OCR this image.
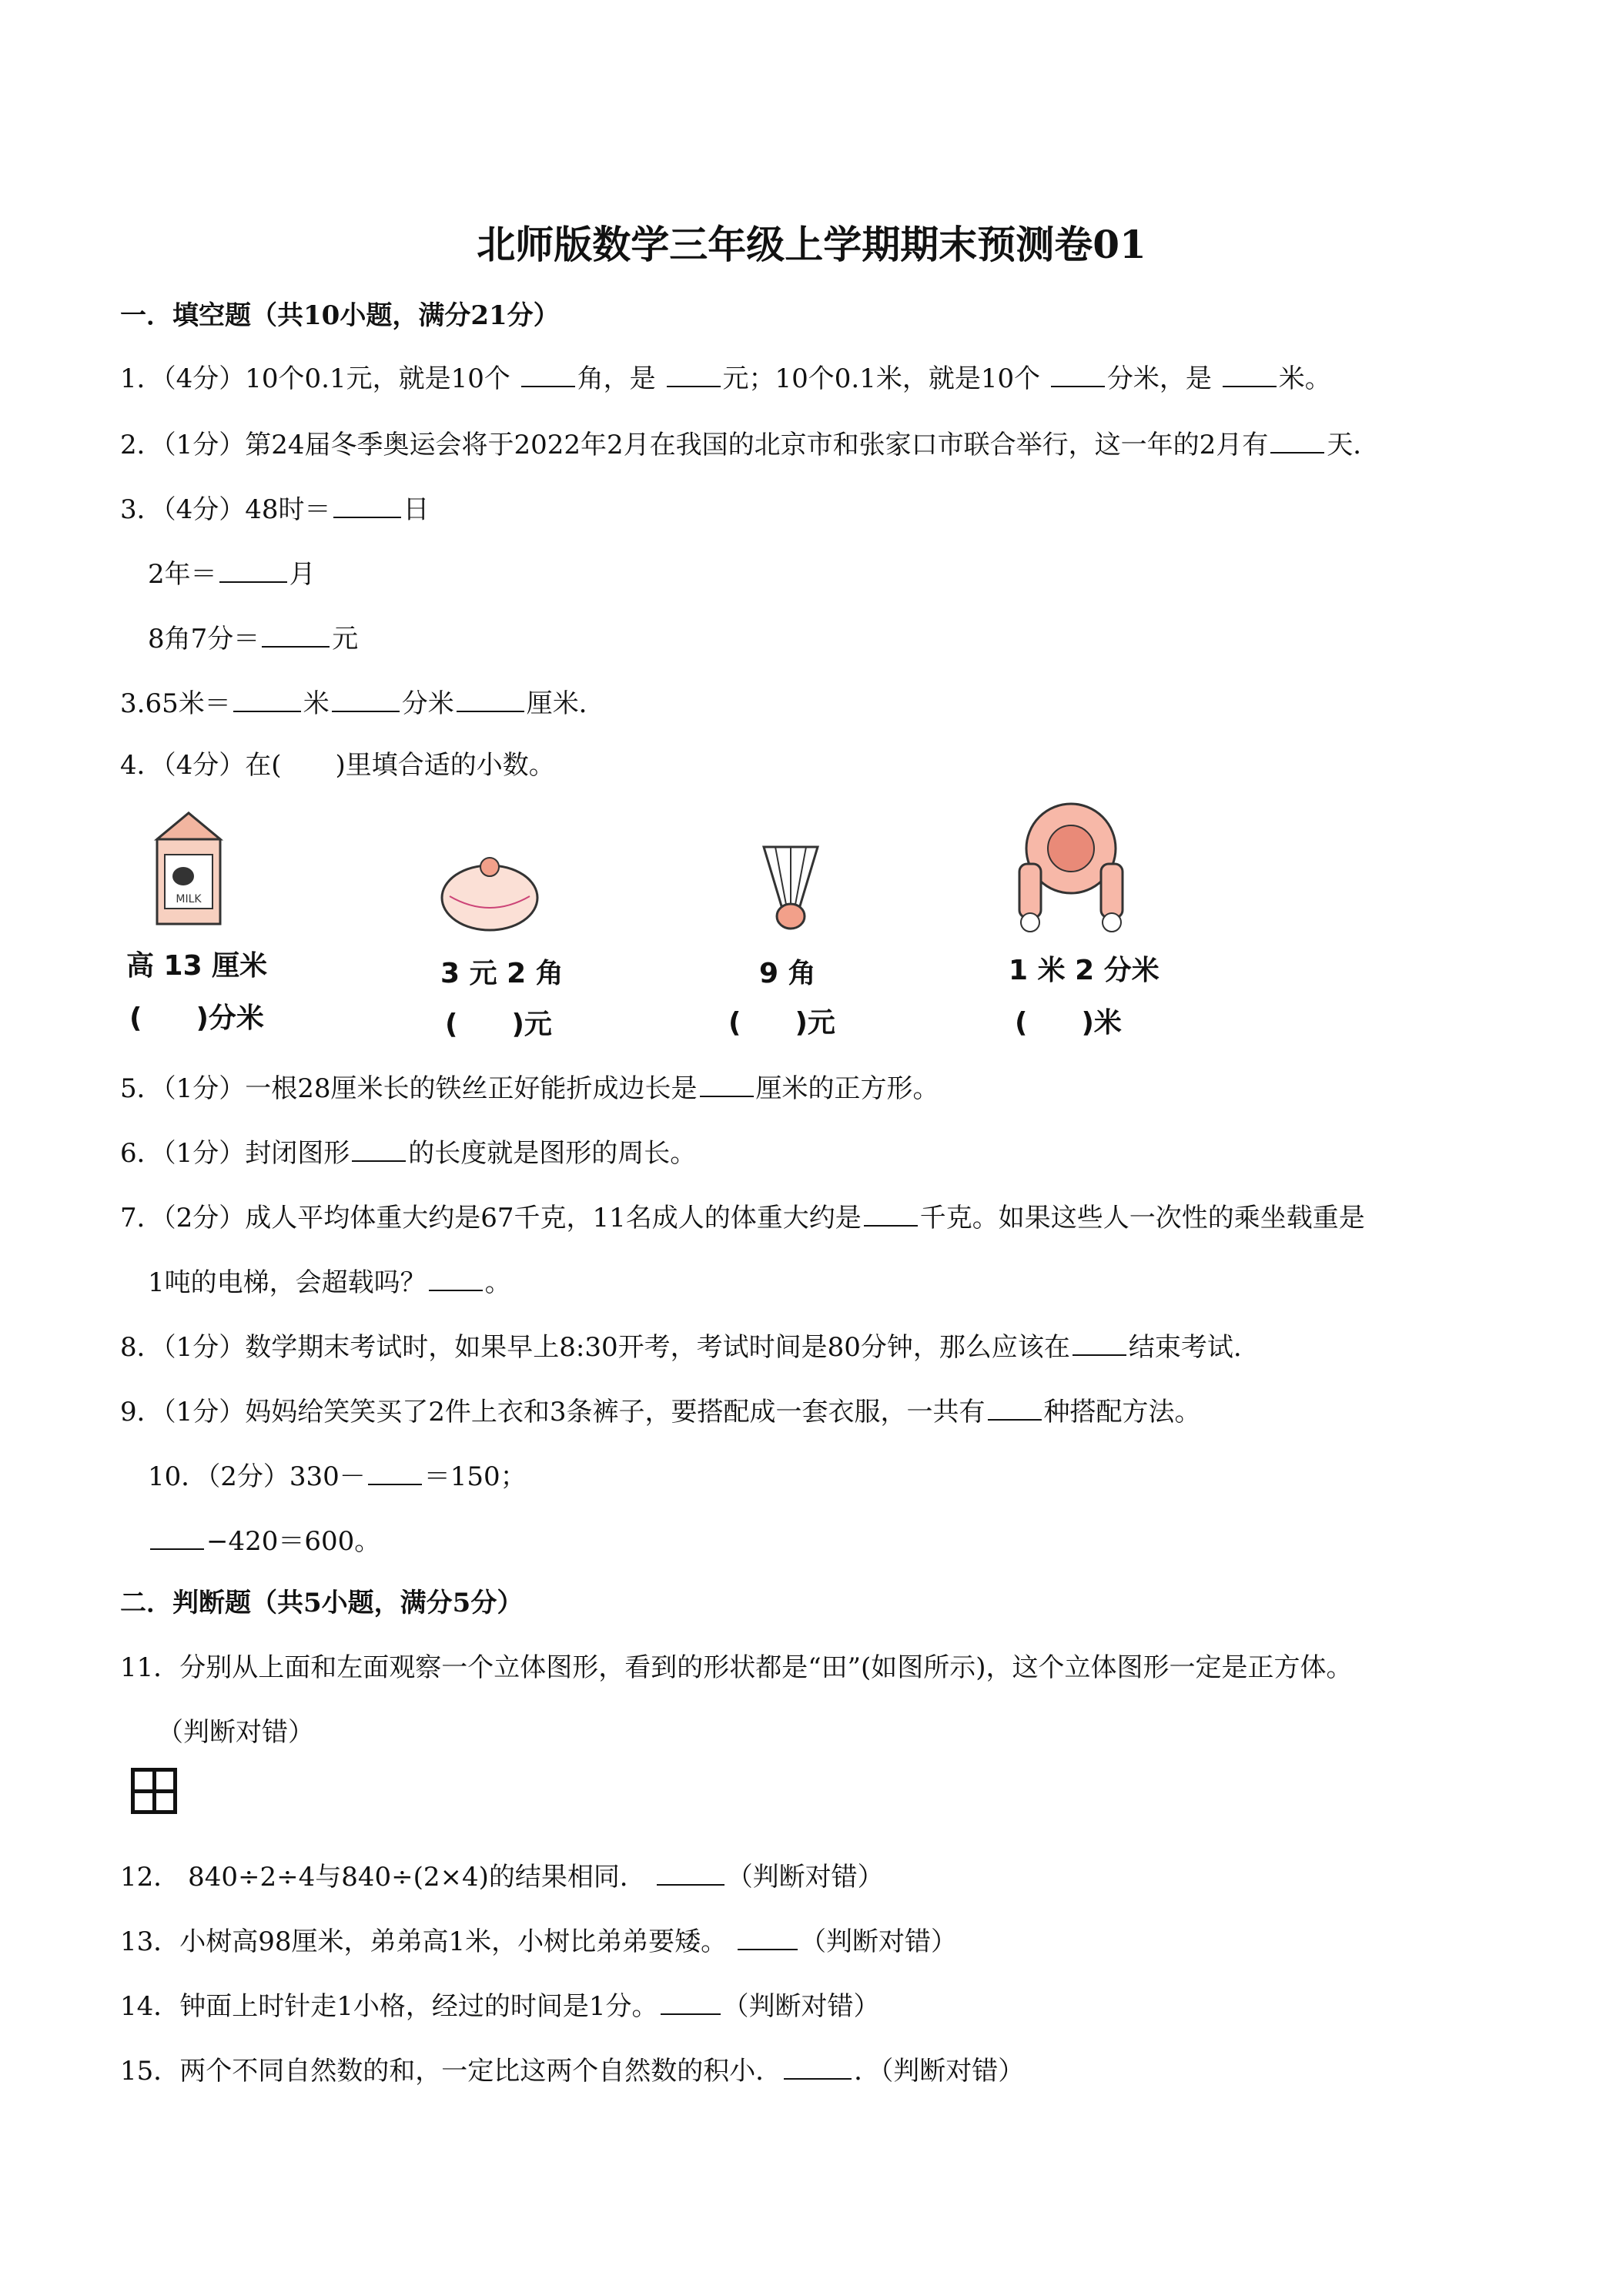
北师版数学三年级上学期期末预测卷01
一．填空题（共10小题，满分21分）
1．（4分）10个0.1元，就是10个	角，是	元；10个0.1米，就是10个	分米，是	米。
2．（1分）第24届冬季奥运会将于2022年2月在我国的北京市和张家口市联合举行，这一年的2月有 天．
3．（4分）48时＝	日
2年＝	月
8角7分＝	元
3.65米＝	米	分米	厘米．
4．（4分）在( )里填合适的小数。
MILK
高 13 厘米	3 元 2 角	9 角	1 米 2 分米
( )分米	( )元	( )元	( )米
5．（1分）一根28厘米长的铁丝正好能折成边长是 厘米的正方形。
6．（1分）封闭图形 的长度就是图形的周长。
7．（2分）成人平均体重大约是67千克，11名成人的体重大约是 千克。如果这些人一次性的乘坐载重是
1吨的电梯，会超载吗？ 。
8．（1分）数学期末考试时，如果早上8:30开考，考试时间是80分钟，那么应该在 结束考试.
9．（1分）妈妈给笑笑买了2件上衣和3条裤子，要搭配成一套衣服，一共有 种搭配方法。
10．（2分）330－ ＝150；
−420＝600。
二．判断题（共5小题，满分5分）
11．分别从上面和左面观察一个立体图形，看到的形状都是“田”(如图所示)，这个立体图形一定是正方体。
（判断对错）
12． 840÷2÷4与840÷(2×4)的结果相同．	（判断对错）
13．小树高98厘米，弟弟高1米，小树比弟弟要矮。	（判断对错）
14．钟面上时针走1小格，经过的时间是1分。 （判断对错）
15．两个不同自然数的和，一定比这两个自然数的积小．	．（判断对错）
